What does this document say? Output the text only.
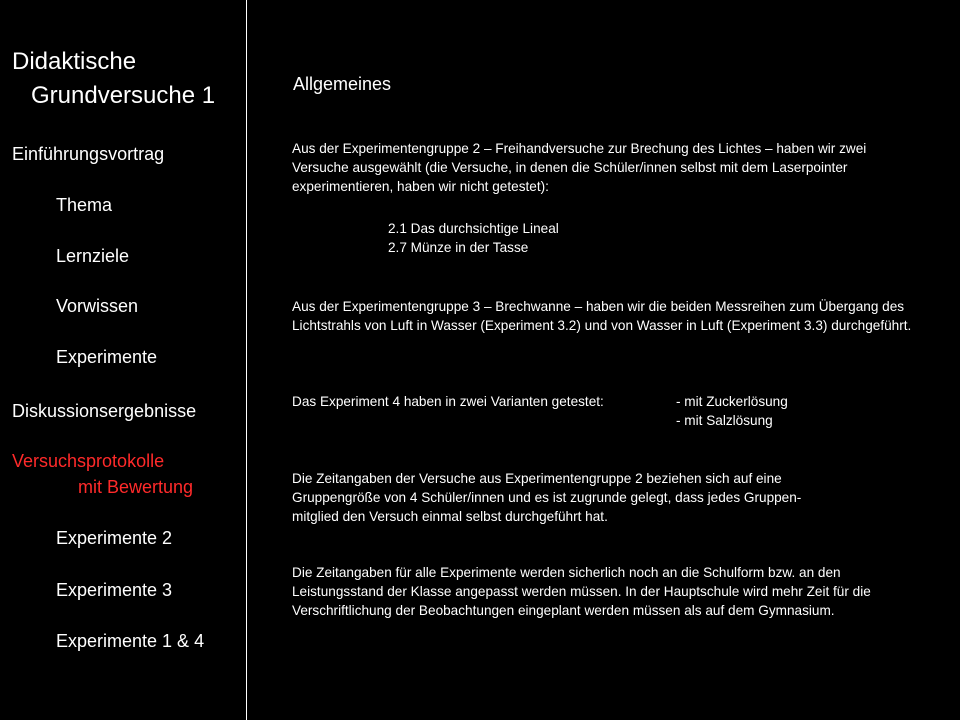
Didaktische
Grundversuche 1
Einführungsvortrag
Thema
Lernziele
Vorwissen
Experimente
Diskussionsergebnisse
Versuchsprotokolle
mit Bewertung
Experimente 2
Experimente 3
Experimente 1 & 4
Allgemeines

Aus der Experimentengruppe 2 – Freihandversuche zur Brechung des Lichtes – haben wir zwei Versuche ausgewählt (die Versuche, in denen die Schüler/innen selbst mit dem Laserpointer experimentieren, haben wir nicht getestet):

2.1 Das durchsichtige Lineal
2.7 Münze in der Tasse

Aus der Experimentengruppe 3 – Brechwanne – haben wir die beiden Messreihen zum Übergang des Lichtstrahls von Luft in Wasser (Experiment 3.2) und von Wasser in Luft (Experiment 3.3) durchgeführt.

Das Experiment 4 haben in zwei Varianten getestet:	- mit Zuckerlösung
- mit Salzlösung
Die Zeitangaben der Versuche aus Experimentengruppe 2 beziehen sich auf eine
Gruppengröße von 4 Schüler/innen und es ist zugrunde gelegt, dass jedes Gruppen-
mitglied den Versuch einmal selbst durchgeführt hat.

Die Zeitangaben für alle Experimente werden sicherlich noch an die Schulform bzw. an den Leistungsstand der Klasse angepasst werden müssen. In der Hauptschule wird mehr Zeit für die Verschriftlichung der Beobachtungen eingeplant werden müssen als auf dem Gymnasium.
